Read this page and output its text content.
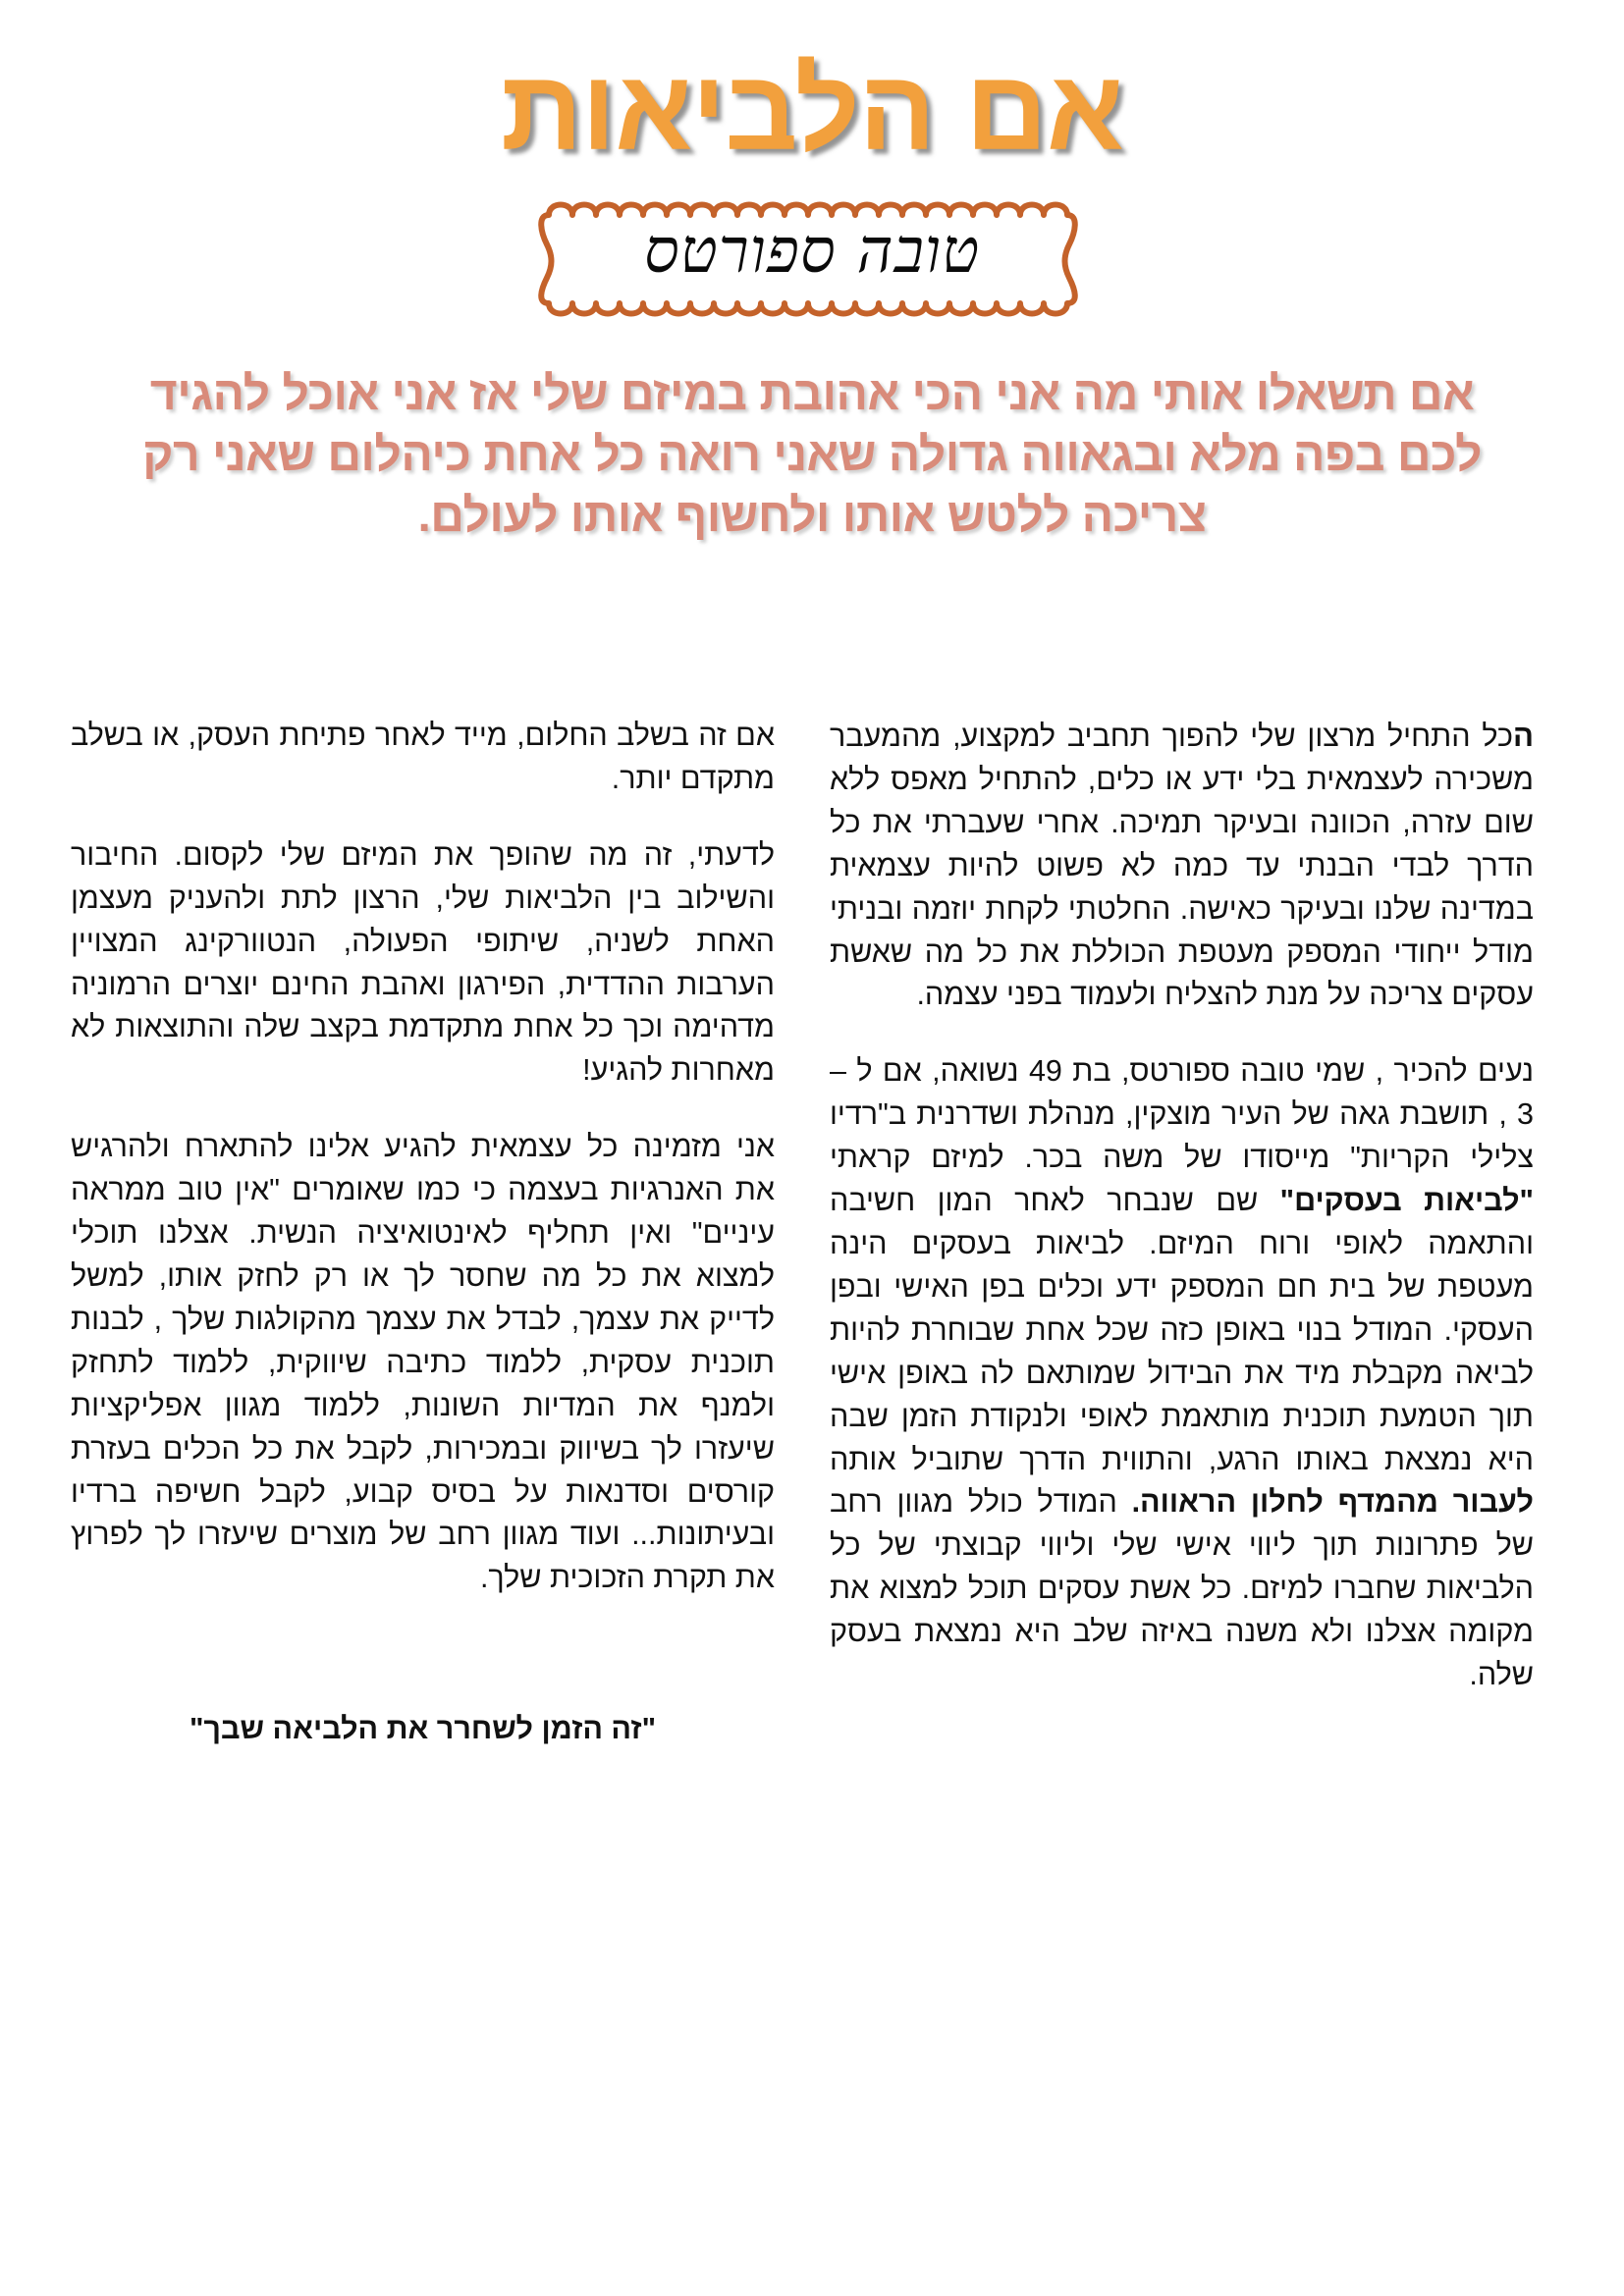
אם הלביאות
טובה ספורטס
אם תשאלו אותי מה אני הכי אהובת במיזם שלי אז אני אוכל להגיד לכם בפה מלא ובגאווה גדולה שאני רואה כל אחת כיהלום שאני רק צריכה ללטש אותו ולחשוף אותו לעולם.

הכל התחיל מרצון שלי להפוך תחביב למקצוע, מהמעבר משכירה לעצמאית בלי ידע או כלים, להתחיל מאפס ללא שום עזרה, הכוונה ובעיקר תמיכה. אחרי שעברתי את כל הדרך לבדי הבנתי עד כמה לא פשוט להיות עצמאית במדינה שלנו ובעיקר כאישה. החלטתי לקחת יוזמה ובניתי מודל ייחודי המספק מעטפת הכוללת את כל מה שאשת עסקים צריכה על מנת להצליח ולעמוד בפני עצמה.

נעים להכיר , שמי טובה ספורטס, בת 49 נשואה, אם ל – 3 , תושבת גאה של העיר מוצקין, מנהלת ושדרנית ב"רדיו צלילי הקריות" מייסודו של משה בכר. למיזם קראתי "לביאות בעסקים" שם שנבחר לאחר המון חשיבה והתאמה לאופי ורוח המיזם. לביאות בעסקים הינה מעטפת של בית חם המספק ידע וכלים בפן האישי ובפן העסקי. המודל בנוי באופן כזה שכל אחת שבוחרת להיות לביאה מקבלת מיד את הבידול שמותאם לה באופן אישי תוך הטמעת תוכנית מותאמת לאופי ולנקודת הזמן שבה היא נמצאת באותו הרגע, והתווית הדרך שתוביל אותה לעבור מהמדף לחלון הראווה. המודל כולל מגוון רחב של פתרונות תוך ליווי אישי שלי וליווי קבוצתי של כל הלביאות שחברו למיזם. כל אשת עסקים תוכל למצוא את מקומה אצלנו ולא משנה באיזה שלב היא נמצאת בעסק שלה.

אם זה בשלב החלום, מייד לאחר פתיחת העסק, או בשלב מתקדם יותר.

לדעתי, זה מה שהופך את המיזם שלי לקסום. החיבור והשילוב בין הלביאות שלי, הרצון לתת ולהעניק מעצמן האחת לשניה, שיתופי הפעולה, הנטוורקינג המצויין הערבות ההדדית, הפירגון ואהבת החינם יוצרים הרמוניה מדהימה וכך כל אחת מתקדמת בקצב שלה והתוצאות לא מאחרות להגיע!

אני מזמינה כל עצמאית להגיע אלינו להתארח ולהרגיש את האנרגיות בעצמה כי כמו שאומרים "אין טוב ממראה עיניים" ואין תחליף לאינטואיציה הנשית. אצלנו תוכלי למצוא את כל מה שחסר לך או רק לחזק אותו, למשל לדייק את עצמך, לבדל את עצמך מהקולגות שלך , לבנות תוכנית עסקית, ללמוד כתיבה שיווקית, ללמוד לתחזק ולמנף את המדיות השונות, ללמוד מגוון אפליקציות שיעזרו לך בשיווק ובמכירות, לקבל את כל הכלים בעזרת קורסים וסדנאות על בסיס קבוע, לקבל חשיפה ברדיו ובעיתונות... ועוד מגוון רחב של מוצרים שיעזרו לך לפרוץ את תקרת הזכוכית שלך.

"זה הזמן לשחרר את הלביאה שבך"
